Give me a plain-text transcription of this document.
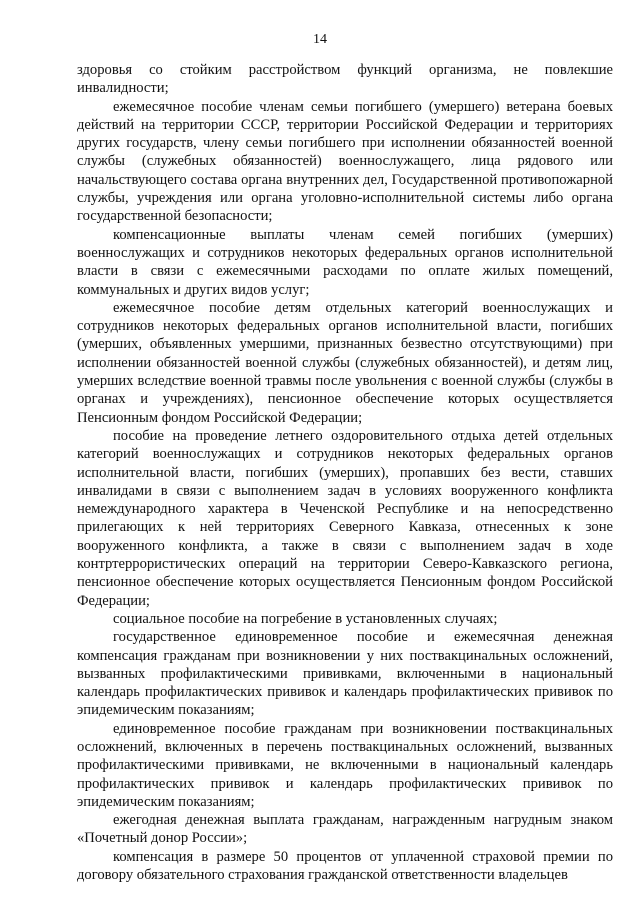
14

здоровья со стойким расстройством функций организма, не повлекшие инвалидности;

ежемесячное пособие членам семьи погибшего (умершего) ветерана боевых действий на территории СССР, территории Российской Федерации и территориях других государств, члену семьи погибшего при исполнении обязанностей военной службы (служебных обязанностей) военнослужащего, лица рядового или начальствующего состава органа внутренних дел, Государственной противопожарной службы, учреждения или органа уголовно-исполнительной системы либо органа государственной безопасности;

компенсационные выплаты членам семей погибших (умерших) военнослужащих и сотрудников некоторых федеральных органов исполнительной власти в связи с ежемесячными расходами по оплате жилых помещений, коммунальных и других видов услуг;

ежемесячное пособие детям отдельных категорий военнослужащих и сотрудников некоторых федеральных органов исполнительной власти, погибших (умерших, объявленных умершими, признанных безвестно отсутствующими) при исполнении обязанностей военной службы (служебных обязанностей), и детям лиц, умерших вследствие военной травмы после увольнения с военной службы (службы в органах и учреждениях), пенсионное обеспечение которых осуществляется Пенсионным фондом Российской Федерации;

пособие на проведение летнего оздоровительного отдыха детей отдельных категорий военнослужащих и сотрудников некоторых федеральных органов исполнительной власти, погибших (умерших), пропавших без вести, ставших инвалидами в связи с выполнением задач в условиях вооруженного конфликта немеждународного характера в Чеченской Республике и на непосредственно прилегающих к ней территориях Северного Кавказа, отнесенных к зоне вооруженного конфликта, а также в связи с выполнением задач в ходе контртеррористических операций на территории Северо-Кавказского региона, пенсионное обеспечение которых осуществляется Пенсионным фондом Российской Федерации;

социальное пособие на погребение в установленных случаях;

государственное единовременное пособие и ежемесячная денежная компенсация гражданам при возникновении у них поствакцинальных осложнений, вызванных профилактическими прививками, включенными в национальный календарь профилактических прививок и календарь профилактических прививок по эпидемическим показаниям;

единовременное пособие гражданам при возникновении поствакцинальных осложнений, включенных в перечень поствакцинальных осложнений, вызванных профилактическими прививками, не включенными в национальный календарь профилактических прививок и календарь профилактических прививок по эпидемическим показаниям;

ежегодная денежная выплата гражданам, награжденным нагрудным знаком «Почетный донор России»;

компенсация в размере 50 процентов от уплаченной страховой премии по договору обязательного страхования гражданской ответственности владельцев
